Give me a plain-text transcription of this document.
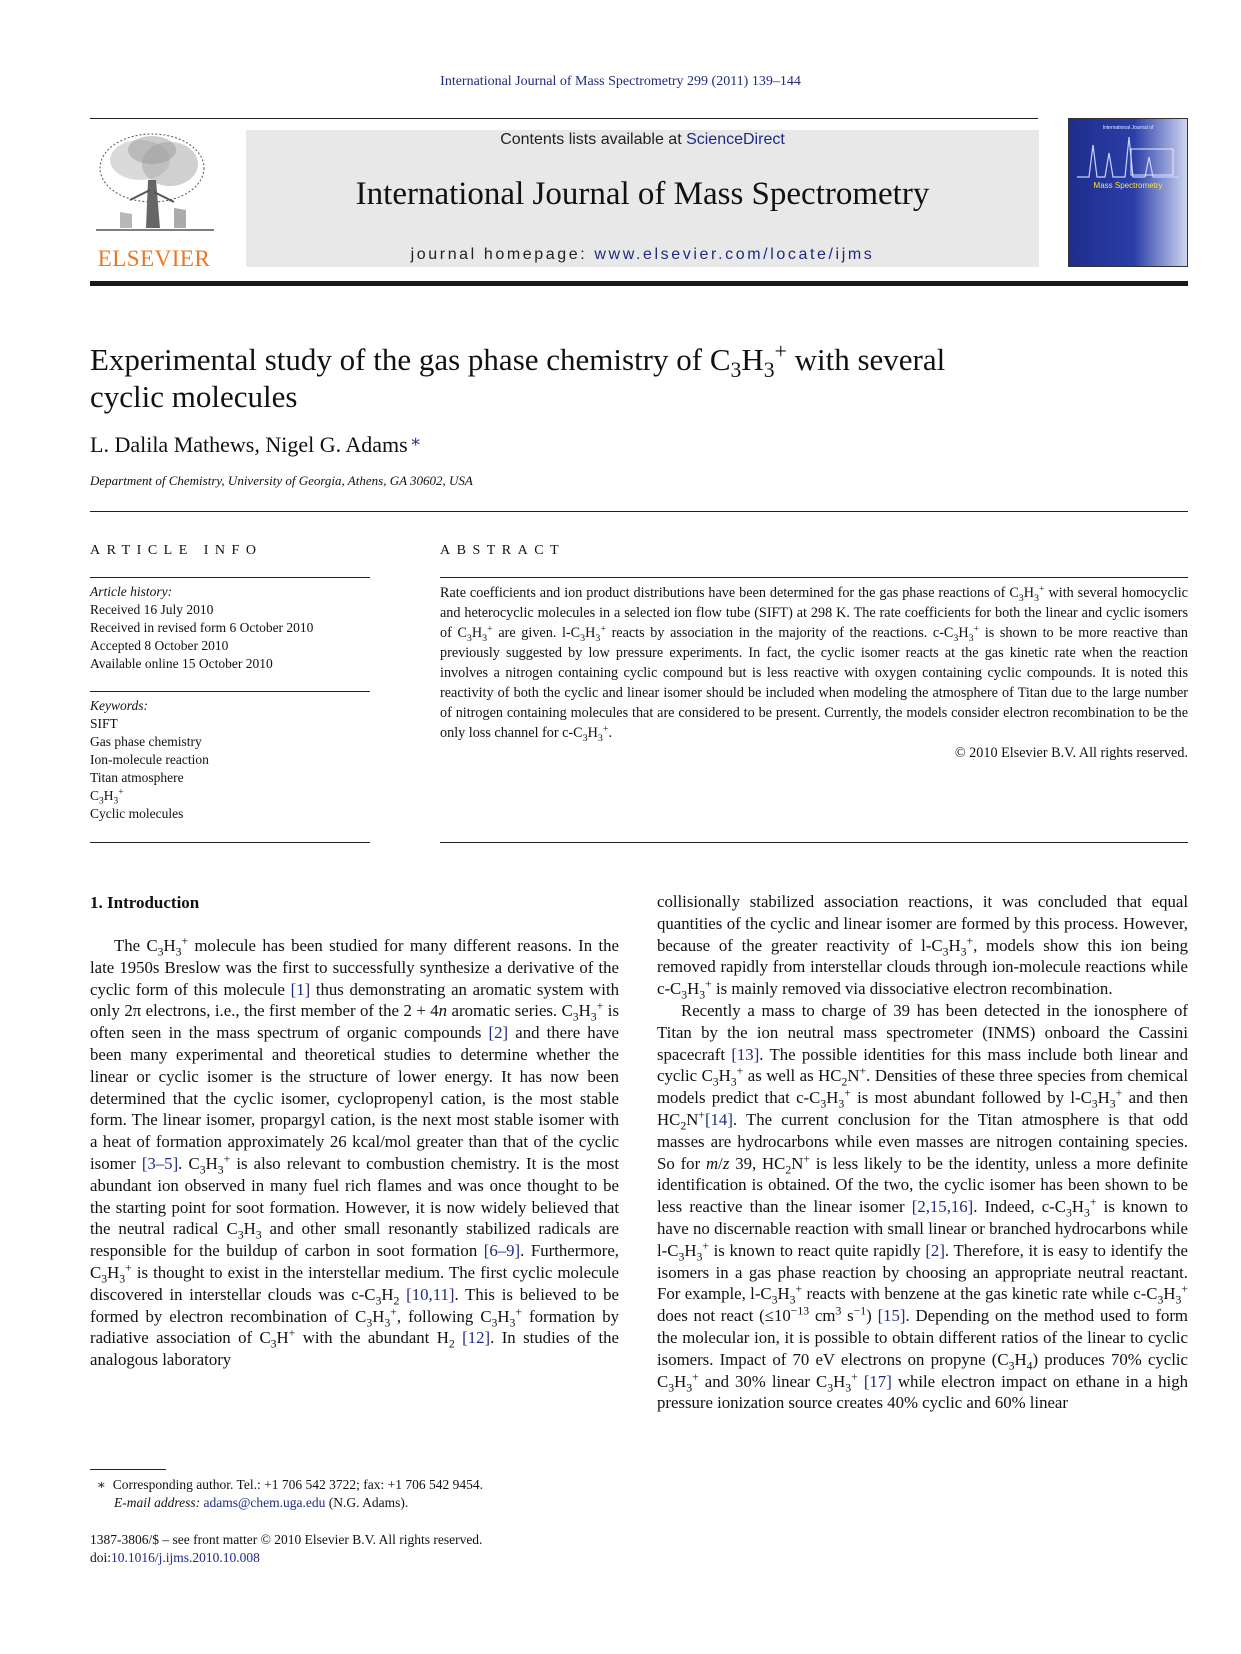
International Journal of Mass Spectrometry 299 (2011) 139–144
ELSEVIER
Contents lists available at ScienceDirect
International Journal of Mass Spectrometry
journal homepage: www.elsevier.com/locate/ijms
International Journal of
Mass Spectrometry
Experimental study of the gas phase chemistry of $C_3H_3^+$ with several
cyclic molecules
L. Dalila Mathews, Nigel G. Adams ∗
Department of Chemistry, University of Georgia, Athens, GA 30602, USA
ARTICLE INFO	ABSTRACT
Article history:
Received 16 July 2010
Received in revised form 6 October 2010
Accepted 8 October 2010
Available online 15 October 2010
Keywords:
SIFT
Gas phase chemistry
Ion-molecule reaction
Titan atmosphere
$C_3H_3^+$
Cyclic molecules
Rate coefficients and ion product distributions have been determined for the gas phase reactions of $C_3H_3^+$ with several homocyclic and heterocyclic molecules in a selected ion flow tube (SIFT) at 298 K. The rate coefficients for both the linear and cyclic isomers of $C_3H_3^+$ are given. $l-C_3H_3^+$ reacts by association in the majority of the reactions. $c-C_3H_3^+$ is shown to be more reactive than previously suggested by low pressure experiments. In fact, the cyclic isomer reacts at the gas kinetic rate when the reaction involves a nitrogen containing cyclic compound but is less reactive with oxygen containing cyclic compounds. It is noted this reactivity of both the cyclic and linear isomer should be included when modeling the atmosphere of Titan due to the large number of nitrogen containing molecules that are considered to be present. Currently, the models consider electron recombination to be the only loss channel for $c-C_3H_3^+$.
© 2010 Elsevier B.V. All rights reserved.
1. Introduction

The $C_3H_3^+$ molecule has been studied for many different reasons. In the late 1950s Breslow was the first to successfully synthesize a derivative of the cyclic form of this molecule [1] thus demonstrating an aromatic system with only 2π electrons, i.e., the first member of the 2 + 4n aromatic series. $C_3H_3^+$ is often seen in the mass spectrum of organic compounds [2] and there have been many experimental and theoretical studies to determine whether the linear or cyclic isomer is the structure of lower energy. It has now been determined that the cyclic isomer, cyclopropenyl cation, is the most stable form. The linear isomer, propargyl cation, is the next most stable isomer with a heat of formation approximately 26 kcal/mol greater than that of the cyclic isomer [3–5]. $C_3H_3^+$ is also relevant to combustion chemistry. It is the most abundant ion observed in many fuel rich flames and was once thought to be the starting point for soot formation. However, it is now widely believed that the neutral radical $C_3H_3$ and other small resonantly stabilized radicals are responsible for the buildup of carbon in soot formation [6–9]. Furthermore, $C_3H_3^+$ is thought to exist in the interstellar medium. The first cyclic molecule discovered in interstellar clouds was $c-C_3H_2$ [10,11]. This is believed to be formed by electron recombination of $C_3H_3^+$, following $C_3H_3^+$ formation by radiative association of $C_3H^+$ with the abundant $H_2$ [12]. In studies of the analogous laboratory

collisionally stabilized association reactions, it was concluded that equal quantities of the cyclic and linear isomer are formed by this process. However, because of the greater reactivity of $l-C_3H_3^+$, models show this ion being removed rapidly from interstellar clouds through ion-molecule reactions while $c-C_3H_3^+$ is mainly removed via dissociative electron recombination.

Recently a mass to charge of 39 has been detected in the ionosphere of Titan by the ion neutral mass spectrometer (INMS) onboard the Cassini spacecraft [13]. The possible identities for this mass include both linear and cyclic $C_3H_3^+$ as well as $HC_2N^+$. Densities of these three species from chemical models predict that $c-C_3H_3^+$ is most abundant followed by $l-C_3H_3^+$ and then $HC_2N^+[14]$. The current conclusion for the Titan atmosphere is that odd masses are hydrocarbons while even masses are nitrogen containing species. So for m/z 39, $HC_2N^+$ is less likely to be the identity, unless a more definite identification is obtained. Of the two, the cyclic isomer has been shown to be less reactive than the linear isomer [2,15,16]. Indeed, $c-C_3H_3^+$ is known to have no discernable reaction with small linear or branched hydrocarbons while $l-C_3H_3^+$ is known to react quite rapidly [2]. Therefore, it is easy to identify the isomers in a gas phase reaction by choosing an appropriate neutral reactant. For example, $l-C_3H_3^+$ reacts with benzene at the gas kinetic rate while $c-C_3H_3^+$ does not react ($\le 10^{-13}$ $cm^3$ $s^{-1}$) [15]. Depending on the method used to form the molecular ion, it is possible to obtain different ratios of the linear to cyclic isomers. Impact of 70 eV electrons on propyne $(C_3H_4)$ produces 70% cyclic $C_3H_3^+$ and 30% linear $C_3H_3^+$ [17] while electron impact on ethane in a high pressure ionization source creates 40% cyclic and 60% linear

∗ Corresponding author. Tel.: +1 706 542 3722; fax: +1 706 542 9454.
E-mail address: adams@chem.uga.edu (N.G. Adams).
1387-3806/$ – see front matter © 2010 Elsevier B.V. All rights reserved.
doi:10.1016/j.ijms.2010.10.008
